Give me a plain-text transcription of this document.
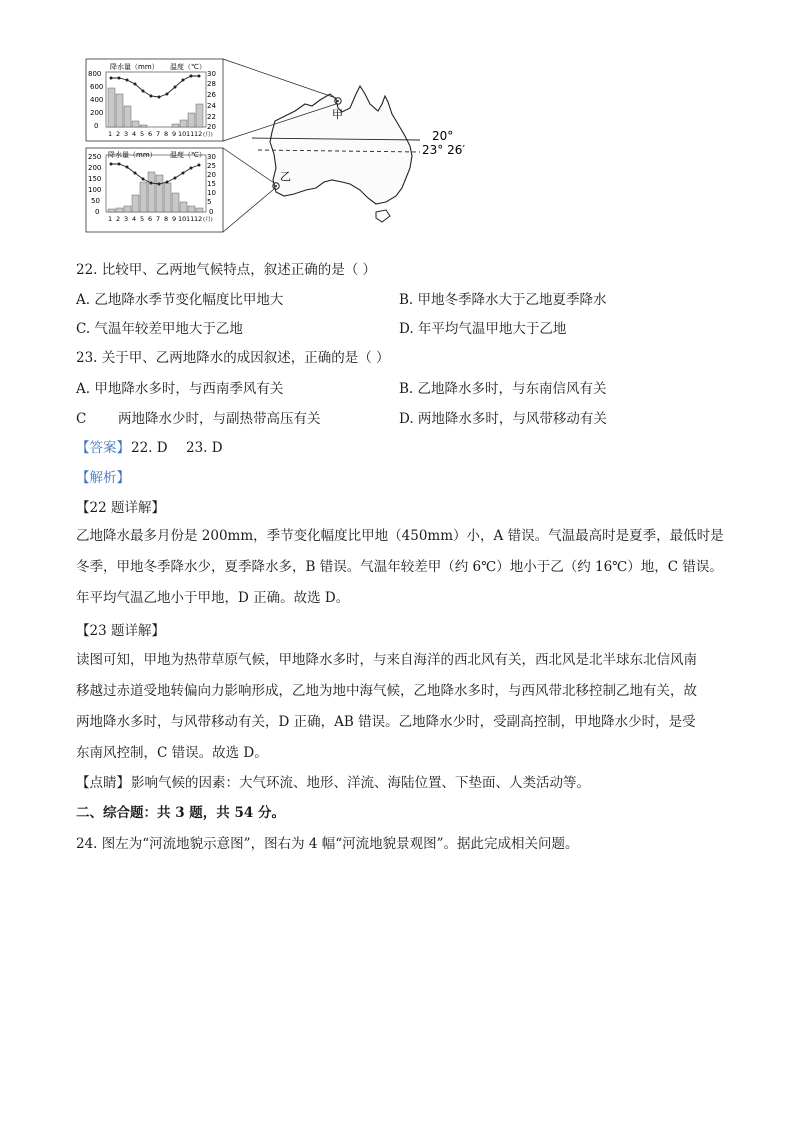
降水量（mm） 温度（℃）
800
600
400
200
0
30
28
26
24
22
20
1 2 3 4 5 6 7 8 9 10 11 12 (月)
降水量（mm） 温度（℃）
250
200
150
100
50
0
30
25
20
15
10
5
0
1 2 3 4 5 6 7 8 9 10 11 12 (月)
20°
23° 26′
甲
乙
22. 比较甲、乙两地气候特点，叙述正确的是（ ）
A. 乙地降水季节变化幅度比甲地大	B. 甲地冬季降水大于乙地夏季降水
C. 气温年较差甲地大于乙地	D. 年平均气温甲地大于乙地
23. 关于甲、乙两地降水的成因叙述，正确的是（ ）
A. 甲地降水多时，与西南季风有关	B. 乙地降水多时，与东南信风有关
C 两地降水少时，与副热带高压有关	D. 两地降水多时，与风带移动有关
【答案】 22. D 23. D
【解析】
【22 题详解】
乙地降水最多月份是 200mm，季节变化幅度比甲地（450mm）小，A 错误。气温最高时是夏季，最低时是
冬季，甲地冬季降水少，夏季降水多，B 错误。气温年较差甲（约 6℃）地小于乙（约 16℃）地，C 错误。
年平均气温乙地小于甲地，D 正确。故选 D。
【23 题详解】
读图可知，甲地为热带草原气候，甲地降水多时，与来自海洋的西北风有关，西北风是北半球东北信风南
移越过赤道受地转偏向力影响形成，乙地为地中海气候，乙地降水多时，与西风带北移控制乙地有关，故
两地降水多时，与风带移动有关，D 正确，AB 错误。乙地降水少时，受副高控制，甲地降水少时，是受
东南风控制，C 错误。故选 D。
【点睛】 影响气候的因素：大气环流、地形、洋流、海陆位置、下垫面、人类活动等。
二、综合题：共 3 题，共 54 分。
24. 图左为“河流地貌示意图”，图右为 4 幅“河流地貌景观图”。据此完成相关问题。
